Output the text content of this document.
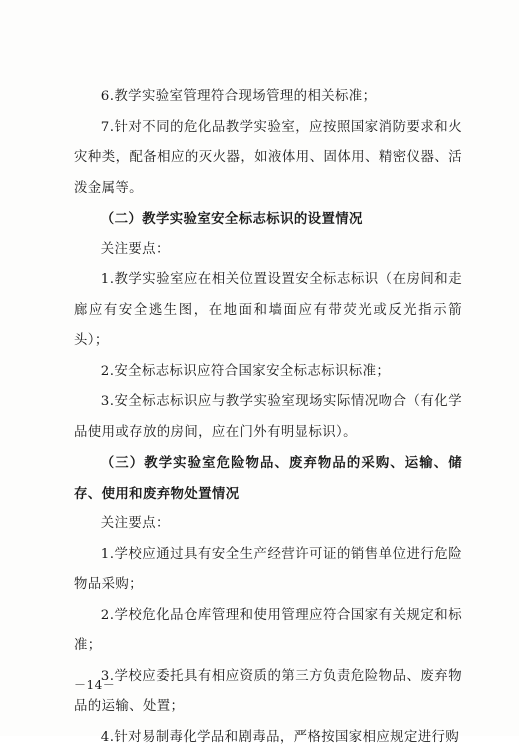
6.教学实验室管理符合现场管理的相关标准；

7.针对不同的危化品教学实验室，应按照国家消防要求和火灾种类，配备相应的灭火器，如液体用、固体用、精密仪器、活泼金属等。

（二）教学实验室安全标志标识的设置情况

关注要点：

1.教学实验室应在相关位置设置安全标志标识（在房间和走廊应有安全逃生图，在地面和墙面应有带荧光或反光指示箭头）；

2.安全标志标识应符合国家安全标志标识标准；

3.安全标志标识应与教学实验室现场实际情况吻合（有化学品使用或存放的房间，应在门外有明显标识）。

（三）教学实验室危险物品、废弃物品的采购、运输、储存、使用和废弃物处置情况

关注要点：

1.学校应通过具有安全生产经营许可证的销售单位进行危险物品采购；

2.学校危化品仓库管理和使用管理应符合国家有关规定和标准；

3.学校应委托具有相应资质的第三方负责危险物品、废弃物品的运输、处置；

4.针对易制毒化学品和剧毒品，严格按国家相应规定进行购

－14－
